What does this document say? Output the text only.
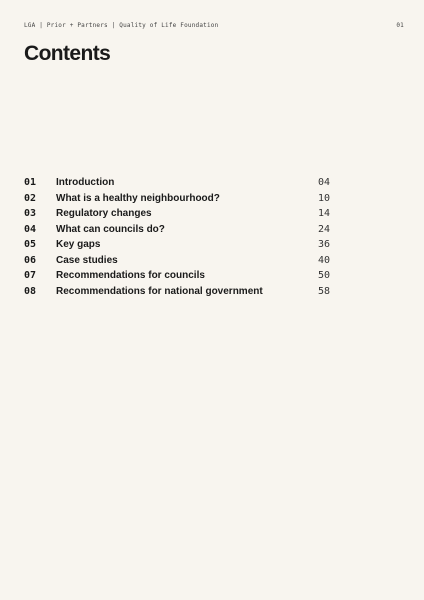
LGA | Prior + Partners | Quality of Life Foundation	01
Contents
01 Introduction	04
02 What is a healthy neighbourhood?	10
03 Regulatory changes	14
04 What can councils do?	24
05 Key gaps	36
06 Case studies	40
07 Recommendations for councils	50
08 Recommendations for national government	58
